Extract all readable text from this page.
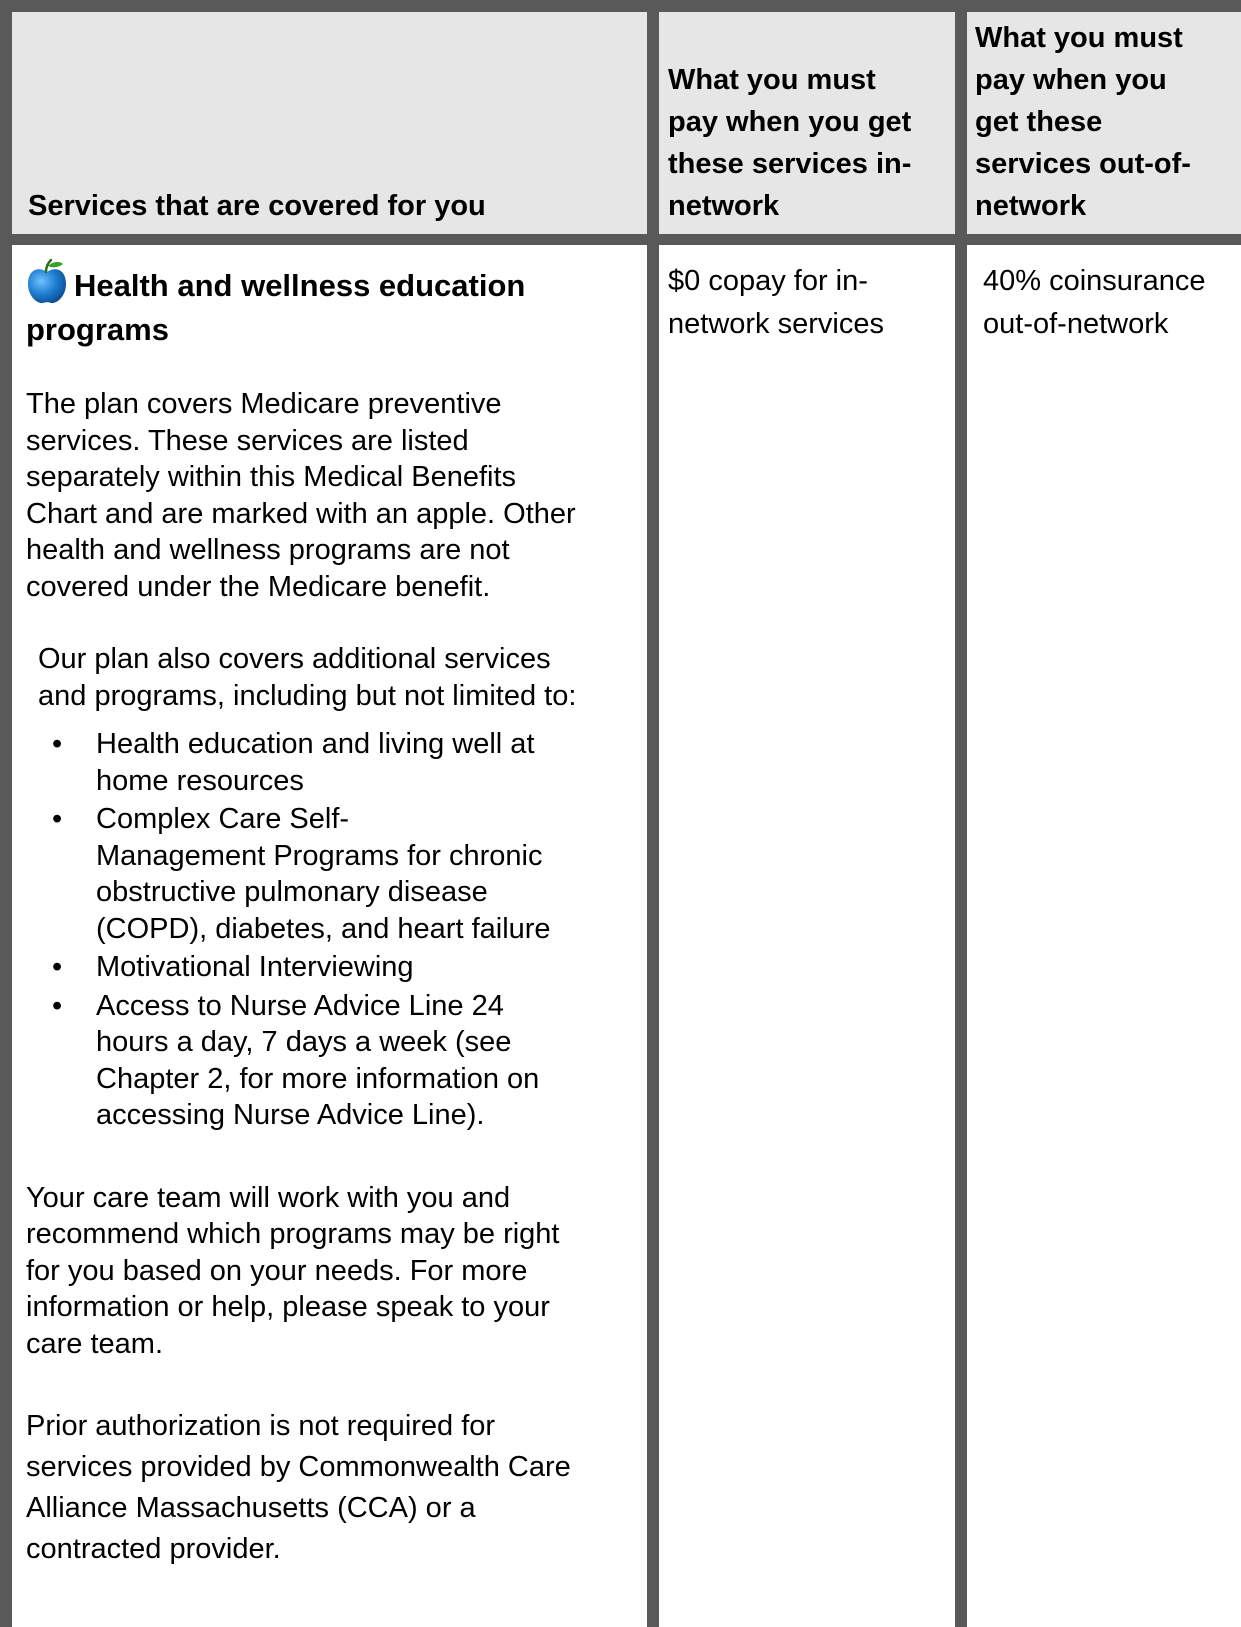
Services that are covered for you
What you must
pay when you get
these services in-
network
What you must
pay when you
get these
services out-of-
network
Health and wellness education
programs

The plan covers Medicare preventive

services. These services are listed

separately within this Medical Benefits

Chart and are marked with an apple. Other

health and wellness programs are not

covered under the Medicare benefit.

Our plan also covers additional services

and programs, including but not limited to:

• Health education and living well at

home resources

• Complex Care Self-

Management Programs for chronic

obstructive pulmonary disease

(COPD), diabetes, and heart failure

• Motivational Interviewing

• Access to Nurse Advice Line 24

hours a day, 7 days a week (see

Chapter 2, for more information on

accessing Nurse Advice Line).

Your care team will work with you and

recommend which programs may be right

for you based on your needs. For more

information or help, please speak to your

care team.

Prior authorization is not required for

services provided by Commonwealth Care

Alliance Massachusetts (CCA) or a

contracted provider.

$0 copay for in-

network services

40% coinsurance

out-of-network
